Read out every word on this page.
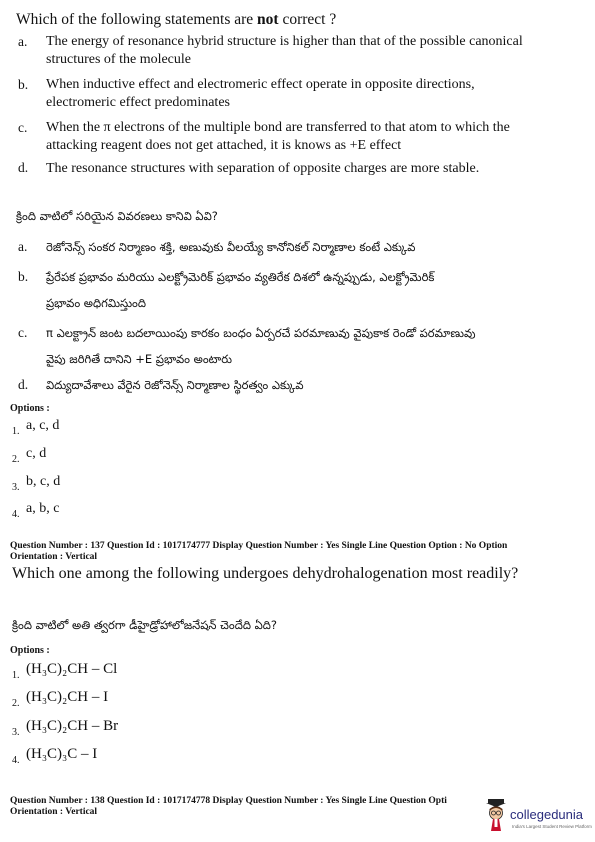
Which of the following statements are not correct ?
a. The energy of resonance hybrid structure is higher than that of the possible canonical
structures of the molecule
b. When inductive effect and electromeric effect operate in opposite directions,
electromeric effect predominates
c. When the π electrons of the multiple bond are transferred to that atom to which the
attacking reagent does not get attached, it is knows as +E effect
d. The resonance structures with separation of opposite charges are more stable.
క్రింది వాటిలో సరియైన వివరణలు కానివి ఏవి?
a. రెజోనెన్స్ సంకర నిర్మాణం శక్తి, అణువుకు వీలయ్యే కానోనికల్ నిర్మాణాల కంటే ఎక్కువ
b. ప్రేరేపక ప్రభావం మరియు ఎలక్ట్రోమెరిక్ ప్రభావం వ్యతిరేక దిశలో ఉన్నప్పుడు, ఎలక్ట్రోమెరిక్
ప్రభావం అధిగమిస్తుంది
c. π ఎలక్ట్రాన్ జంట బదలాయింపు కారకం బంధం ఏర్పరచే పరమాణువు వైపుకాక రెండో పరమాణువు
వైపు జరిగితే దానిని +E ప్రభావం అంటారు
d. విద్యుదావేశాలు వేరైన రెజోనెన్స్ నిర్మాణాల స్థిరత్వం ఎక్కువ
Options :
1. a, c, d
2. c, d
3. b, c, d
4. a, b, c
Question Number : 137 Question Id : 1017174777 Display Question Number : Yes Single Line Question Option : No Option
Orientation : Vertical
Which one among the following undergoes dehydrohalogenation most readily?
క్రింది వాటిలో అతి త్వరగా డీహైడ్రోహాలోజనేషన్ చెందేది ఏది?
Options :
1. (H₃C)₂CH – Cl
2. (H₃C)₂CH – I
3. (H₃C)₂CH – Br
4. (H₃C)₃C – I
Question Number : 138 Question Id : 1017174778 Display Question Number : Yes Single Line Question Opti
Orientation : Vertical	collegedunia
India's Largest Student Review Platform
